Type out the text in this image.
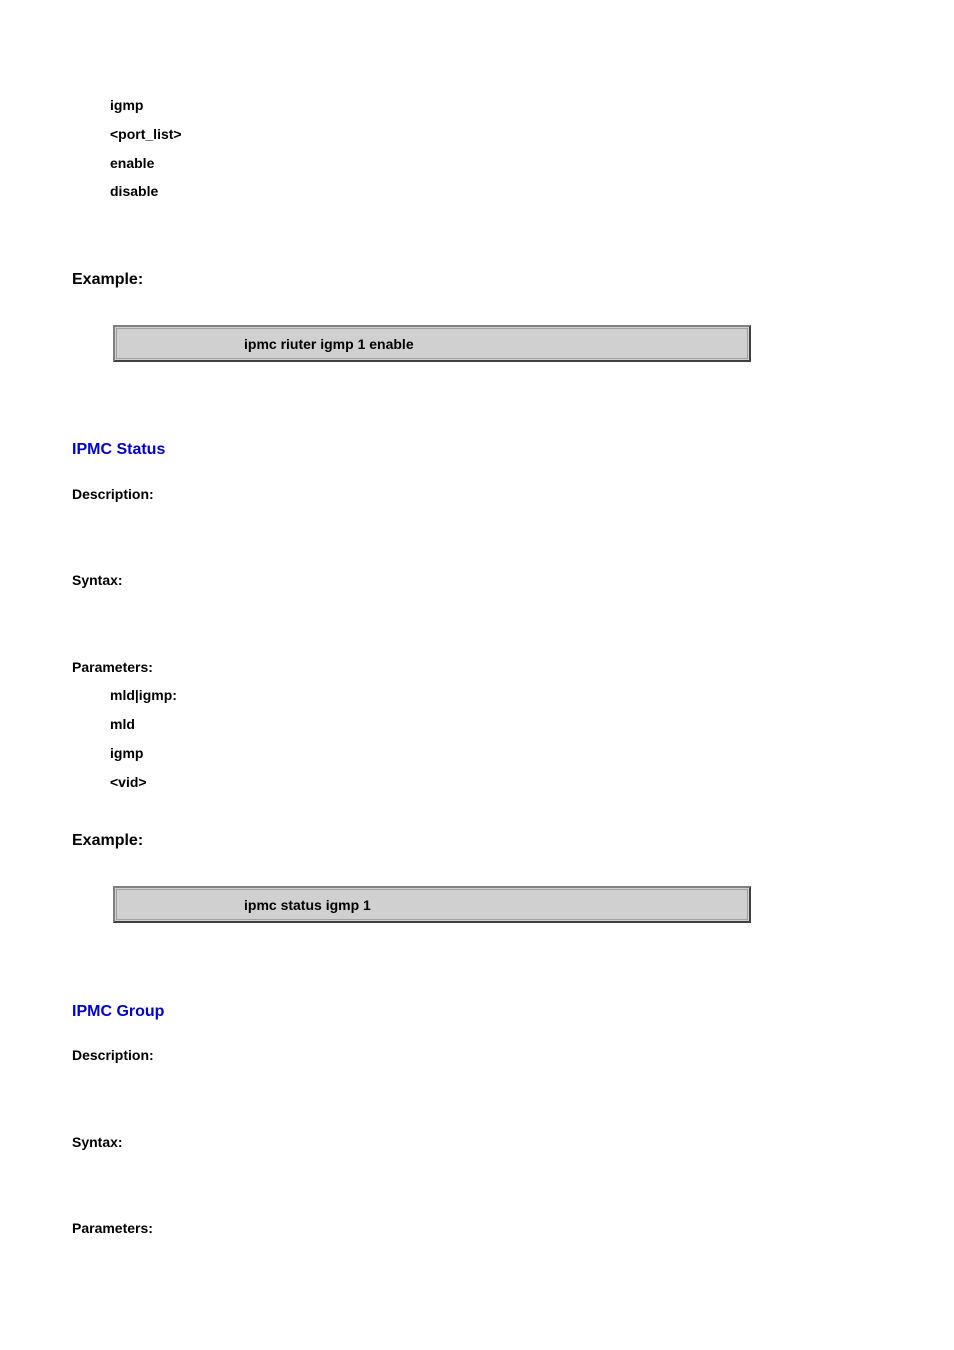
igmp
<port_list>
enable
disable
Example:
ipmc riuter igmp 1 enable
IPMC Status
Description:
Syntax:
Parameters:
mld|igmp:
mld
igmp
<vid>
Example:
ipmc status igmp 1
IPMC Group
Description:
Syntax:
Parameters:
